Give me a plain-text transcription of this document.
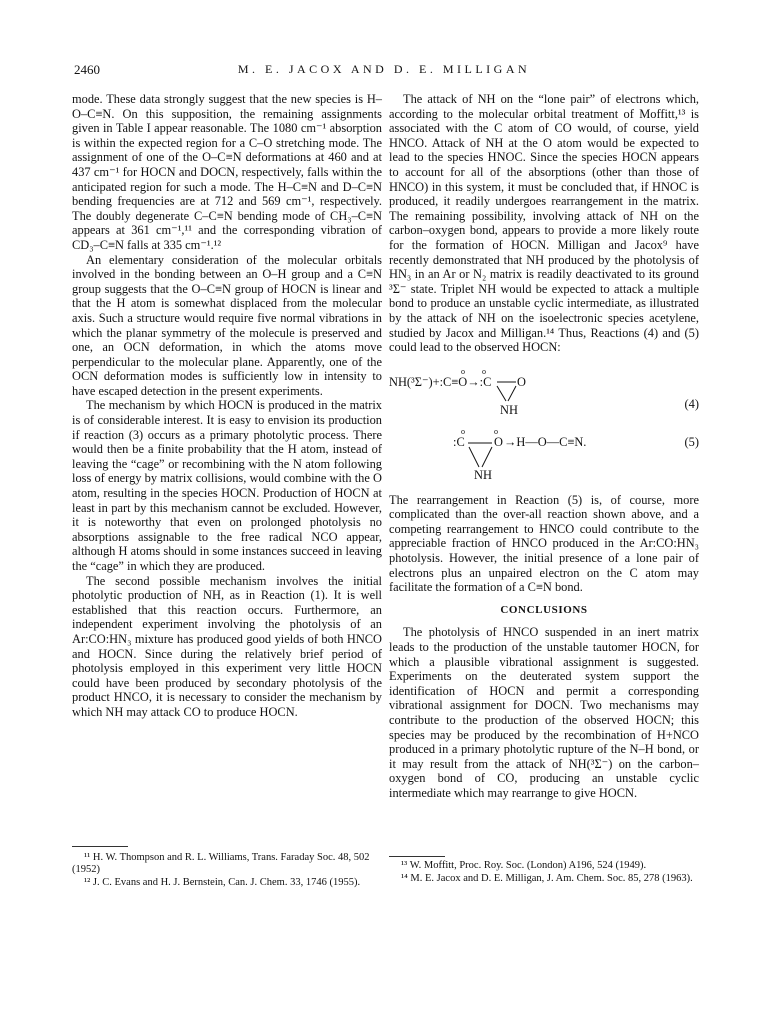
2460	M. E. JACOX AND D. E. MILLIGAN

mode. These data strongly suggest that the new species is H–O–C≡N. On this supposition, the remaining assignments given in Table I appear reasonable. The 1080 cm⁻¹ absorption is within the expected region for a C–O stretching mode. The assignment of one of the O–C≡N deformations at 460 and at 437 cm⁻¹ for HOCN and DOCN, respectively, falls within the anticipated region for such a mode. The H–C≡N and D–C≡N bending frequencies are at 712 and 569 cm⁻¹, respectively. The doubly degenerate C–C≡N bending mode of CH₃–C≡N appears at 361 cm⁻¹,¹¹ and the corresponding vibration of CD₃–C≡N falls at 335 cm⁻¹.¹²

An elementary consideration of the molecular orbitals involved in the bonding between an O–H group and a C≡N group suggests that the O–C≡N group of HOCN is linear and that the H atom is somewhat displaced from the molecular axis. Such a structure would require five normal vibrations in which the planar symmetry of the molecule is preserved and one, an OCN deformation, in which the atoms move perpendicular to the molecular plane. Apparently, one of the OCN deformation modes is sufficiently low in intensity to have escaped detection in the present experiments.

The mechanism by which HOCN is produced in the matrix is of considerable interest. It is easy to envision its production if reaction (3) occurs as a primary photolytic process. There would then be a finite probability that the H atom, instead of leaving the “cage” or recombining with the N atom following loss of energy by matrix collisions, would combine with the O atom, resulting in the species HOCN. Production of HOCN at least in part by this mechanism cannot be excluded. However, it is noteworthy that even on prolonged photolysis no absorptions assignable to the free radical NCO appear, although H atoms should in some instances succeed in leaving the “cage” in which they are produced.

The second possible mechanism involves the initial photolytic production of NH, as in Reaction (1). It is well established that this reaction occurs. Furthermore, an independent experiment involving the photolysis of an Ar:CO:HN₃ mixture has produced good yields of both HNCO and HOCN. Since during the relatively brief period of photolysis employed in this experiment very little HOCN could have been produced by secondary photolysis of the product HNCO, it is necessary to consider the mechanism by which NH may attack CO to produce HOCN.

¹¹ H. W. Thompson and R. L. Williams, Trans. Faraday Soc. 48, 502 (1952)

¹² J. C. Evans and H. J. Bernstein, Can. J. Chem. 33, 1746 (1955).

The attack of NH on the “lone pair” of electrons which, according to the molecular orbital treatment of Moffitt,¹³ is associated with the C atom of CO would, of course, yield HNCO. Attack of NH at the O atom would be expected to lead to the species HNOC. Since the species HOCN appears to account for all of the absorptions (other than those of HNCO) in this system, it must be concluded that, if HNOC is produced, it readily undergoes rearrangement in the matrix. The remaining possibility, involving attack of NH on the carbon–oxygen bond, appears to provide a more likely route for the formation of HOCN. Milligan and Jacox⁹ have recently demonstrated that NH produced by the photolysis of HN₃ in an Ar or N₂ matrix is readily deactivated to its ground ³Σ⁻ state. Triplet NH would be expected to attack a multiple bond to produce an unstable cyclic intermediate, as illustrated by the attack of NH on the isoelectronic species acetylene, studied by Jacox and Milligan.¹⁴ Thus, Reactions (4) and (5) could lead to the observed HOCN:

o o
NH(³Σ⁻)+:C≡O→:C O
NH	(4)
o	o
:C O →H—O—C≡N.
NH
(5)

The rearrangement in Reaction (5) is, of course, more complicated than the over-all reaction shown above, and a competing rearrangement to HNCO could contribute to the appreciable fraction of HNCO produced in the Ar:CO:HN₃ photolysis. However, the initial presence of a lone pair of electrons plus an unpaired electron on the C atom may facilitate the formation of a C≡N bond.

CONCLUSIONS

The photolysis of HNCO suspended in an inert matrix leads to the production of the unstable tautomer HOCN, for which a plausible vibrational assignment is suggested. Experiments on the deuterated system support the identification of HOCN and permit a corresponding vibrational assignment for DOCN. Two mechanisms may contribute to the production of the observed HOCN; this species may be produced by the recombination of H+NCO produced in a primary photolytic rupture of the N–H bond, or it may result from the attack of NH(³Σ⁻) on the carbon–oxygen bond of CO, producing an unstable cyclic intermediate which may rearrange to give HOCN.

¹³ W. Moffitt, Proc. Roy. Soc. (London) A196, 524 (1949).

¹⁴ M. E. Jacox and D. E. Milligan, J. Am. Chem. Soc. 85, 278 (1963).
